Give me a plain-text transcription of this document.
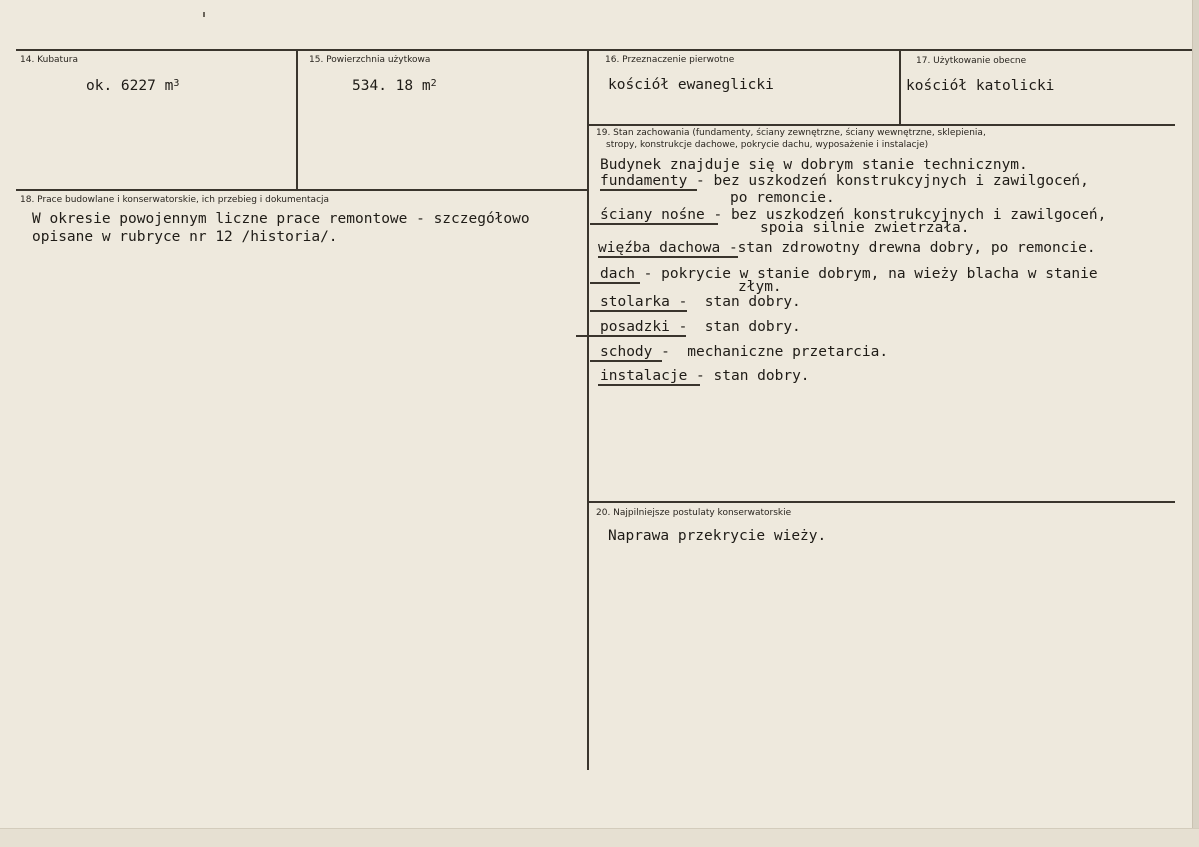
14. Kubatura
ok. 6227 $m^3$
15. Powierzchnia użytkowa
534. 18 $m^2$
16. Przeznaczenie pierwotne
kościół ewaneglicki
17. Użytkowanie obecne
kościół katolicki
18. Prace budowlane i konserwatorskie, ich przebieg i dokumentacja
W okresie powojennym liczne prace remontowe - szczegółowo
opisane w rubryce nr 12 /historia/.
19. Stan zachowania (fundamenty, ściany zewnętrzne, ściany wewnętrzne, sklepienia,
stropy, konstrukcje dachowe, pokrycie dachu, wyposażenie i instalacje)
Budynek znajduje się w dobrym stanie technicznym.
fundamenty - bez uszkodzeń konstrukcyjnych i zawilgoceń,
po remoncie.
ściany nośne - bez uszkodzeń konstrukcyjnych i zawilgoceń,
spoia silnie zwietrzała.
więźba dachowa -stan zdrowotny drewna dobry, po remoncie.
dach - pokrycie w stanie dobrym, na wieży blacha w stanie
złym.
stolarka -  stan dobry.
posadzki -  stan dobry.
schody -  mechaniczne przetarcia.
instalacje - stan dobry.
20. Najpilniejsze postulaty konserwatorskie
Naprawa przekrycie wieży.
